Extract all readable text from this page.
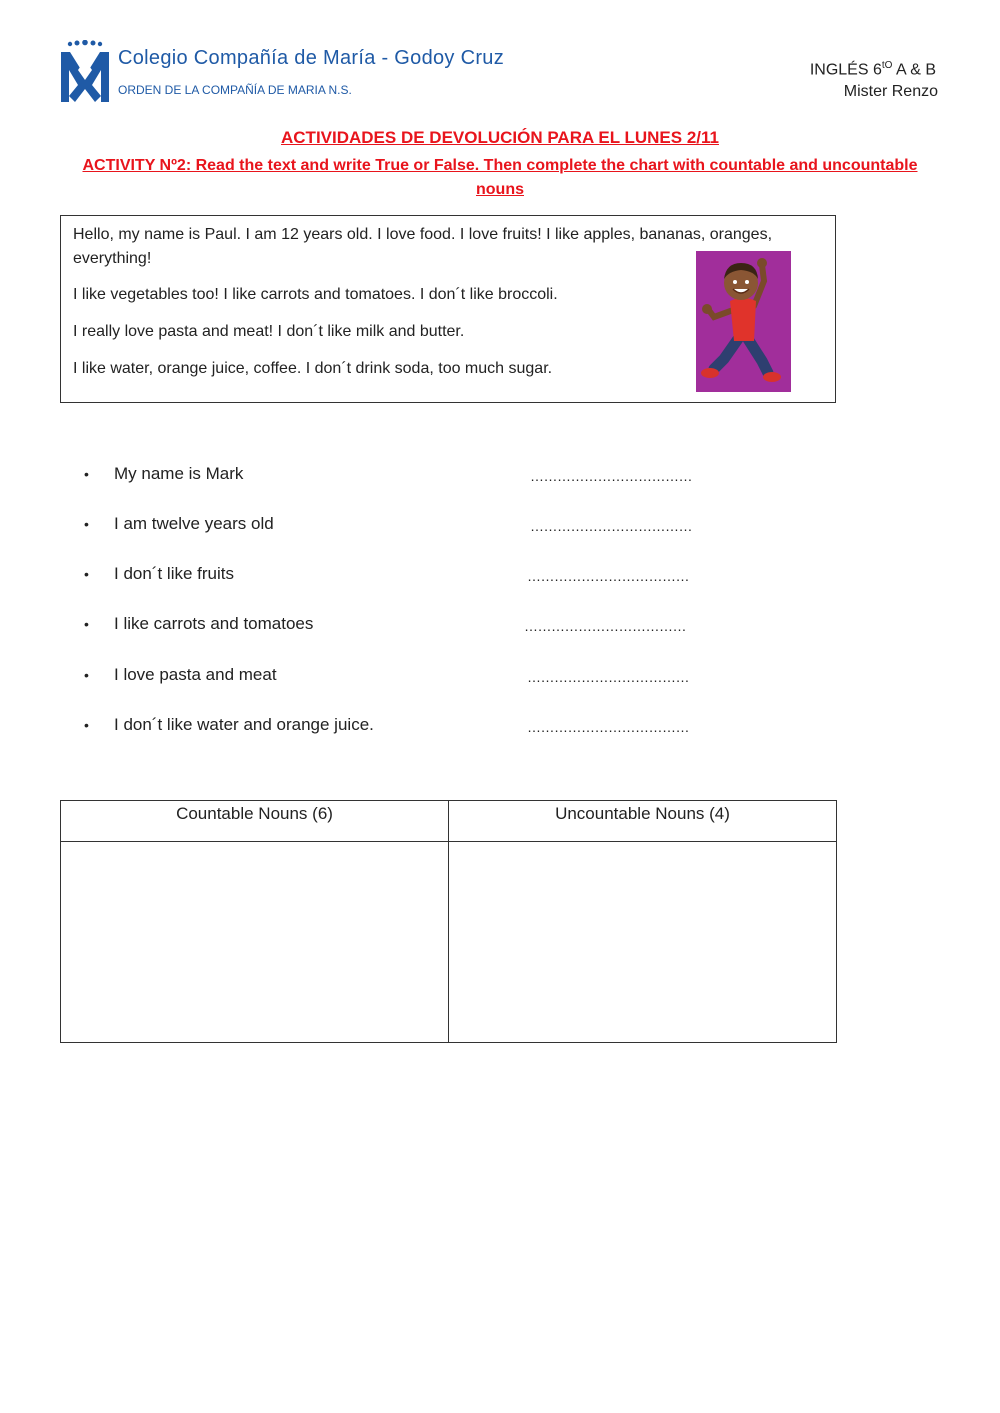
Colegio Compañía de María - Godoy Cruz
ORDEN DE LA COMPAÑÍA DE MARIA N.S.
INGLÉS $6^{tO}$ A & B
Mister Renzo
ACTIVIDADES DE DEVOLUCIÓN PARA EL LUNES 2/11
ACTIVITY Nº2: Read the text and write True or False. Then complete the chart with countable and uncountable nouns
Hello, my name is Paul. I am 12 years old. I love food. I love fruits! I like apples, bananas, oranges, everything!
I like vegetables too! I like carrots and tomatoes. I don´t like broccoli.
I really love pasta and meat! I don´t like milk and butter.
I like water, orange juice, coffee. I don´t drink soda, too much sugar.
• My name is Mark	………………………………
• I am twelve years old	………………………………
• I don´t like fruits	………………………………
• I like carrots and tomatoes	………………………………
• I love pasta and meat	………………………………
• I don´t like water and orange juice.	………………………………
Countable Nouns (6)	Uncountable Nouns (4)
